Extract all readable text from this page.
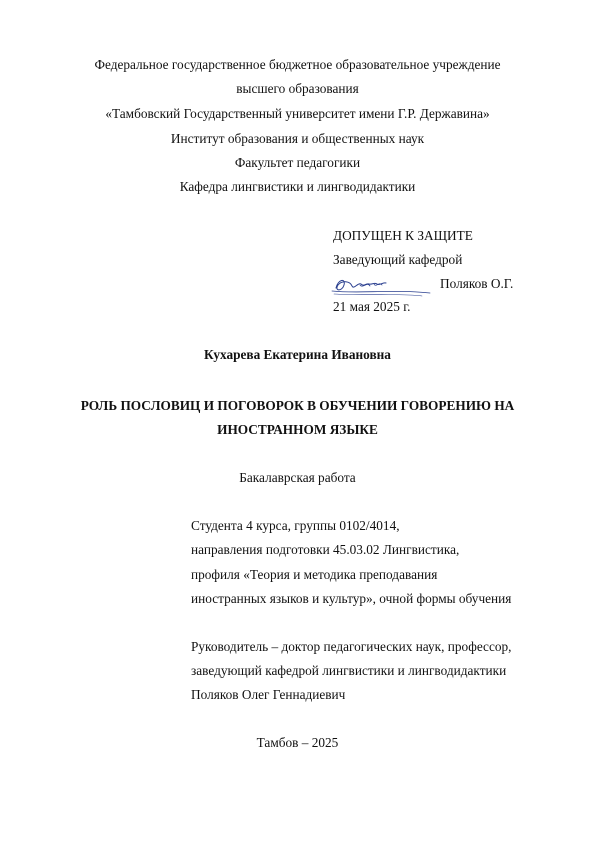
Федеральное государственное бюджетное образовательное учреждение
высшего образования
«Тамбовский Государственный университет имени Г.Р. Державина»
Институт образования и общественных наук
Факультет педагогики
Кафедра лингвистики и лингводидактики
ДОПУЩЕН К ЗАЩИТЕ
Заведующий кафедрой
Поляков О.Г.
21 мая 2025 г.
Кухарева Екатерина Ивановна
РОЛЬ ПОСЛОВИЦ И ПОГОВОРОК В ОБУЧЕНИИ ГОВОРЕНИЮ НА
ИНОСТРАННОМ ЯЗЫКЕ
Бакалаврская работа
Студента 4 курса, группы 0102/4014,
направления подготовки 45.03.02 Лингвистика,
профиля «Теория и методика преподавания
иностранных языков и культур», очной формы обучения
Руководитель – доктор педагогических наук, профессор,
заведующий кафедрой лингвистики и лингводидактики
Поляков Олег Геннадиевич
Тамбов – 2025
